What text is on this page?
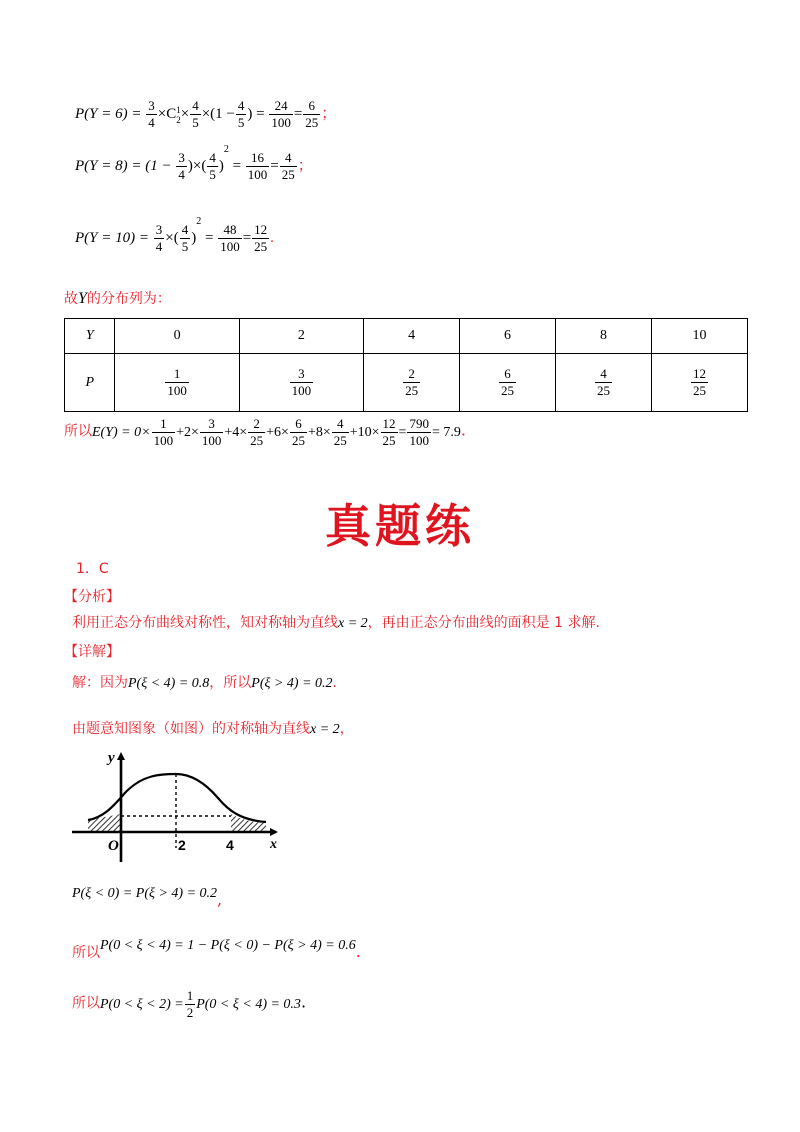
$P(Y = 6) = \frac{3}{4} \times C$ 1
$2 \times \frac{4}{5} \times(1 - \frac{4}{5}$ ) = $\frac{24}{100} = \frac{6}{25}$ ；
$P(Y = 8) = (1 - \frac{3}{4}$ )×( $\frac{4}{5} )^2 = \frac{16}{100} = \frac{4}{25}$ ；
$P(Y = 10) = \frac{3}{4}$ ×( $\frac{4}{5} )^2 = \frac{48}{100} = \frac{12}{25}$ .
故Y的分布列为：
Y	0	2	4	6	8	10
P	$\frac{1}{100}$	$\frac{3}{100}$	$\frac{2}{25}$	$\frac{6}{25}$	$\frac{4}{25}$	$\frac{12}{25}$
所以$E(Y) = 0\times \frac{1}{100} +2\times \frac{3}{100} +4\times \frac{2}{25} +6\times \frac{6}{25} +8\times \frac{4}{25} +10\times \frac{12}{25} = \frac{790}{100} = 7.9$.
真题练
1．C
【分析】
利用正态分布曲线对称性，知对称轴为直线x = 2，再由正态分布曲线的面积是 1 求解.
【详解】
解：因为P(ξ < 4) = 0.8，所以P(ξ > 4) = 0.2.
由题意知图象（如图）的对称轴为直线x = 2，
y
x
O	2	4
P(ξ < 0) = P(ξ > 4) = 0.2,
所以P(0 < ξ < 4) = 1 − P(ξ < 0) − P(ξ > 4) = 0.6.
所以$P(0 < \xi < 2) = \frac{1}{2} P(0 < \xi < 4) = 0.3$.
